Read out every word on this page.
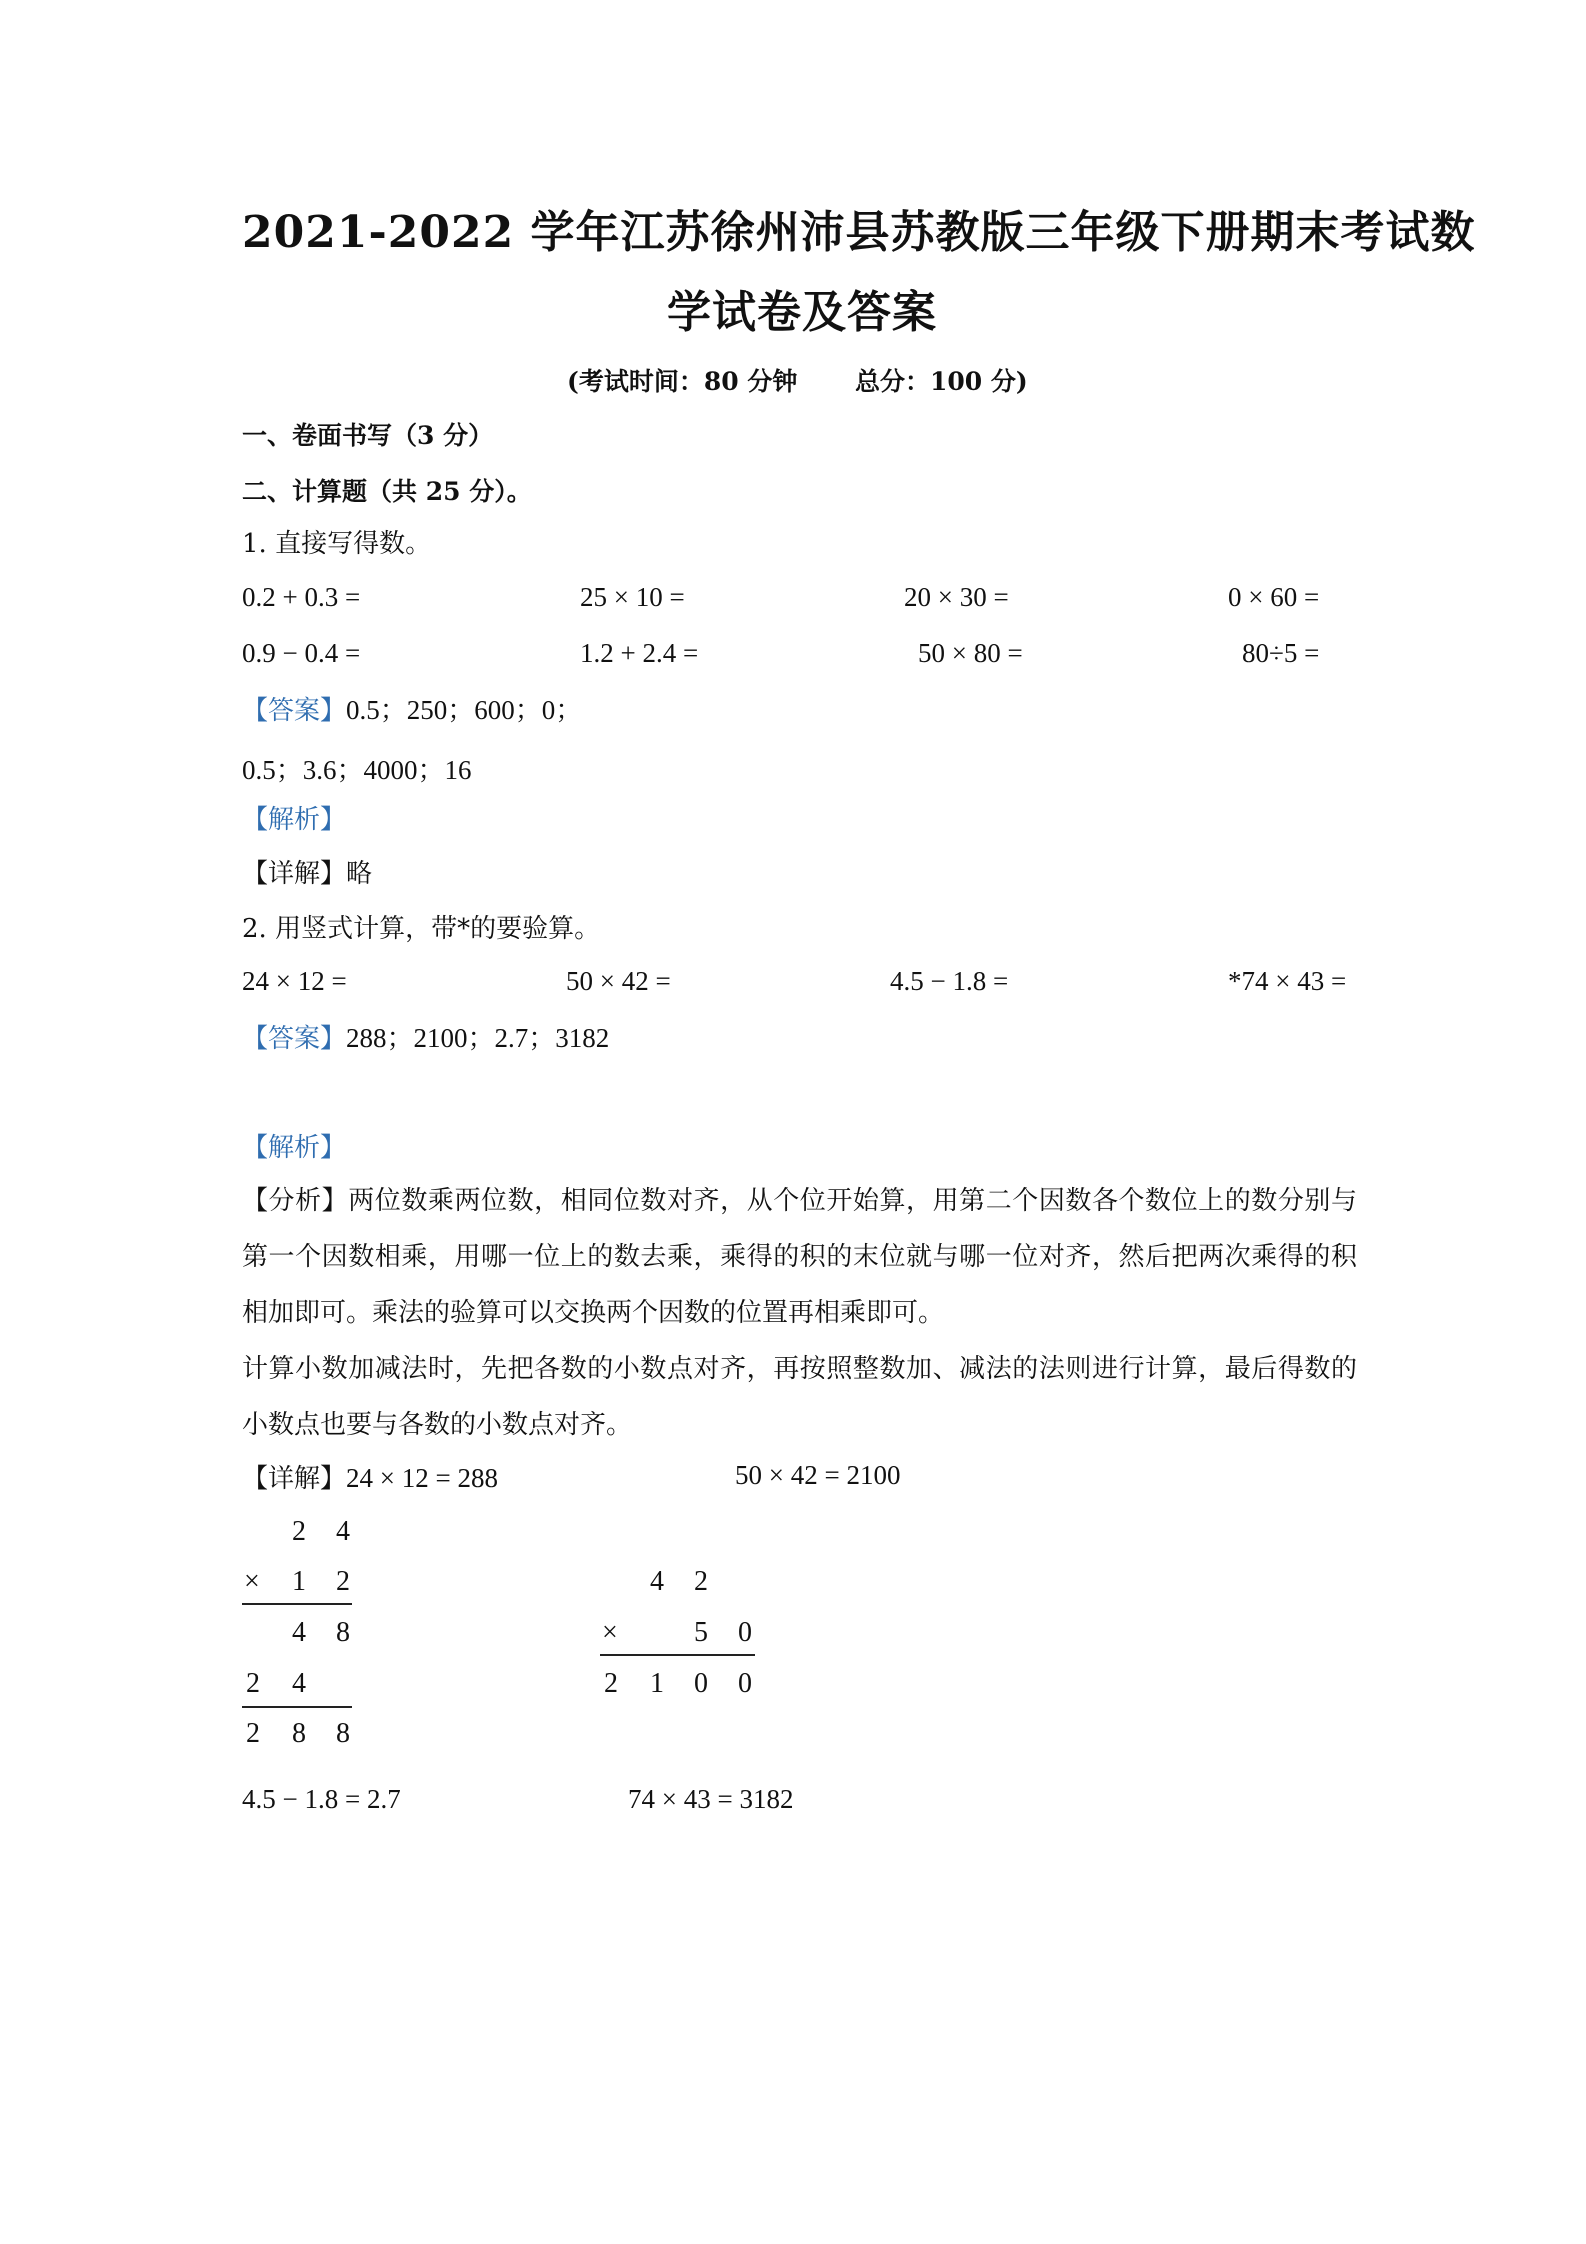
2021-2022 学年江苏徐州沛县苏教版三年级下册期末考试数
学试卷及答案
(考试时间：80 分钟 总分：100 分)
一、卷面书写（3 分）
二、计算题（共 25 分）。
1. 直接写得数。
0.2 + 0.3 =	25 × 10 =	20 × 30 =	0 × 60 =
0.9 − 0.4 =	1.2 + 2.4 =	50 × 80 =	80÷5 =
【答案】0.5；250；600；0；
0.5；3.6；4000；16
【解析】
【详解】略
2. 用竖式计算，带*的要验算。
24 × 12 =	50 × 42 =	4.5 − 1.8 =	*74 × 43 =
【答案】288；2100；2.7；3182
【解析】
【分析】两位数乘两位数，相同位数对齐，从个位开始算，用第二个因数各个数位上的数分别与第一个因数相乘，用哪一位上的数去乘，乘得的积的末位就与哪一位对齐，然后把两次乘得的积相加即可。乘法的验算可以交换两个因数的位置再相乘即可。
计算小数加减法时，先把各数的小数点对齐，再按照整数加、减法的法则进行计算，最后得数的小数点也要与各数的小数点对齐。
【详解】24 × 12 = 288	50 × 42 = 2100
2 4
× 1 2
4 8
2 4
2 8 8
4 2
×	5 0
2 1 0 0
4.5 − 1.8 = 2.7	74 × 43 = 3182
